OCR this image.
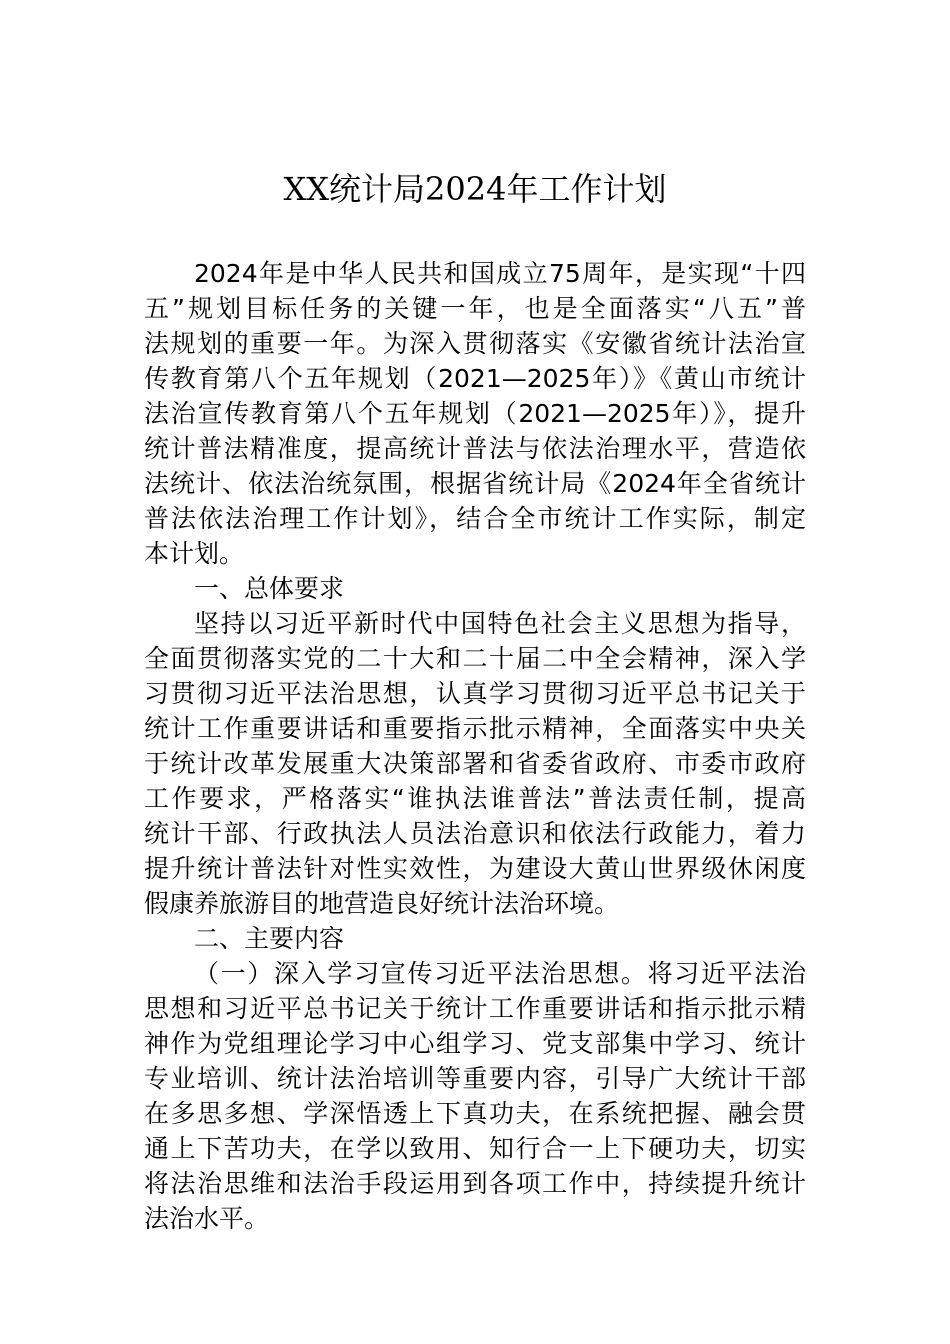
XX统计局2024年工作计划
2024年是中华人民共和国成立75周年，是实现“十四
五”规划目标任务的关键一年，也是全面落实“八五”普
法规划的重要一年。为深入贯彻落实《安徽省统计法治宣
传教育第八个五年规划（2021—2025年）》《黄山市统计
法治宣传教育第八个五年规划（2021—2025年）》，提升
统计普法精准度，提高统计普法与依法治理水平，营造依
法统计、依法治统氛围，根据省统计局《2024年全省统计
普法依法治理工作计划》，结合全市统计工作实际，制定
本计划。
一、总体要求
坚持以习近平新时代中国特色社会主义思想为指导，
全面贯彻落实党的二十大和二十届二中全会精神，深入学
习贯彻习近平法治思想，认真学习贯彻习近平总书记关于
统计工作重要讲话和重要指示批示精神，全面落实中央关
于统计改革发展重大决策部署和省委省政府、市委市政府
工作要求，严格落实“谁执法谁普法”普法责任制，提高
统计干部、行政执法人员法治意识和依法行政能力，着力
提升统计普法针对性实效性，为建设大黄山世界级休闲度
假康养旅游目的地营造良好统计法治环境。
二、主要内容
（一）深入学习宣传习近平法治思想。将习近平法治
思想和习近平总书记关于统计工作重要讲话和指示批示精
神作为党组理论学习中心组学习、党支部集中学习、统计
专业培训、统计法治培训等重要内容，引导广大统计干部
在多思多想、学深悟透上下真功夫，在系统把握、融会贯
通上下苦功夫，在学以致用、知行合一上下硬功夫，切实
将法治思维和法治手段运用到各项工作中，持续提升统计
法治水平。
